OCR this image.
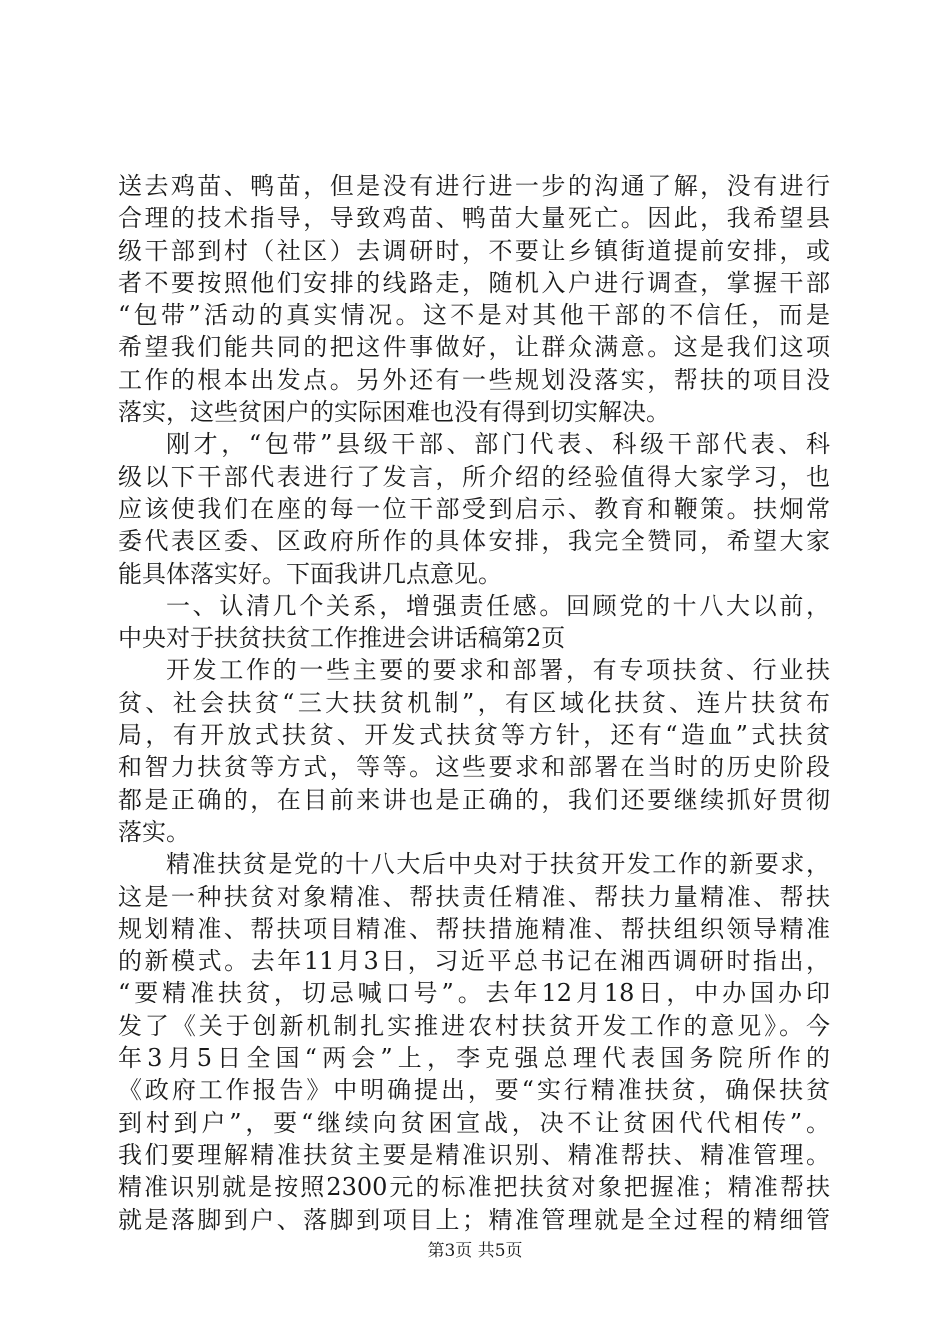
送去鸡苗、鸭苗，但是没有进行进一步的沟通了解，没有进行
合理的技术指导，导致鸡苗、鸭苗大量死亡。因此，我希望县
级干部到村（社区）去调研时，不要让乡镇街道提前安排，或
者不要按照他们安排的线路走，随机入户进行调查，掌握干部
“包带”活动的真实情况。这不是对其他干部的不信任，而是
希望我们能共同的把这件事做好，让群众满意。这是我们这项
工作的根本出发点。另外还有一些规划没落实，帮扶的项目没
落实，这些贫困户的实际困难也没有得到切实解决。
刚才，“包带”县级干部、部门代表、科级干部代表、科
级以下干部代表进行了发言，所介绍的经验值得大家学习，也
应该使我们在座的每一位干部受到启示、教育和鞭策。扶炯常
委代表区委、区政府所作的具体安排，我完全赞同，希望大家
能具体落实好。下面我讲几点意见。
一、认清几个关系，增强责任感。回顾党的十八大以前，
中央对于扶贫扶贫工作推进会讲话稿第2页
开发工作的一些主要的要求和部署，有专项扶贫、行业扶
贫、社会扶贫“三大扶贫机制”，有区域化扶贫、连片扶贫布
局，有开放式扶贫、开发式扶贫等方针，还有“造血”式扶贫
和智力扶贫等方式，等等。这些要求和部署在当时的历史阶段
都是正确的，在目前来讲也是正确的，我们还要继续抓好贯彻
落实。
精准扶贫是党的十八大后中央对于扶贫开发工作的新要求，
这是一种扶贫对象精准、帮扶责任精准、帮扶力量精准、帮扶
规划精准、帮扶项目精准、帮扶措施精准、帮扶组织领导精准
的新模式。去年11月3日，习近平总书记在湘西调研时指出，
“要精准扶贫，切忌喊口号”。去年12月18日，中办国办印
发了《关于创新机制扎实推进农村扶贫开发工作的意见》。今
年3月5日全国“两会”上，李克强总理代表国务院所作的
《政府工作报告》中明确提出，要“实行精准扶贫，确保扶贫
到村到户”，要“继续向贫困宣战，决不让贫困代代相传”。
我们要理解精准扶贫主要是精准识别、精准帮扶、精准管理。
精准识别就是按照2300元的标准把扶贫对象把握准；精准帮扶
就是落脚到户、落脚到项目上；精准管理就是全过程的精细管
第3页 共5页
